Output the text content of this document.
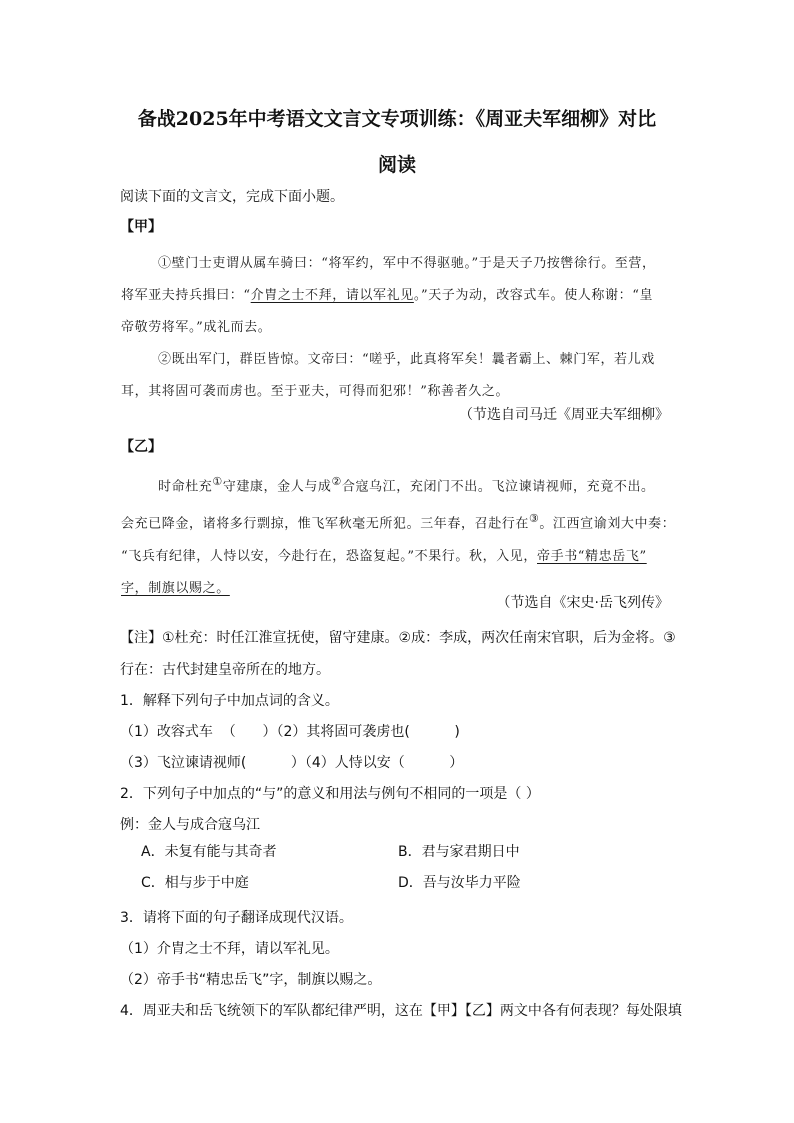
备战2025年中考语文文言文专项训练：《周亚夫军细柳》对比
阅读
阅读下面的文言文，完成下面小题。
【甲】
①壁门士吏谓从属车骑曰：“将军约，军中不得驱驰。”于是天子乃按辔徐行。至营，
将军亚夫持兵揖曰：“介胄之士不拜，请以军礼见。”天子为动，改容式车。使人称谢：“皇
帝敬劳将军。”成礼而去。
②既出军门，群臣皆惊。文帝曰：“嗟乎，此真将军矣！曩者霸上、棘门军，若儿戏
耳，其将固可袭而虏也。至于亚夫，可得而犯邪！”称善者久之。
（节选自司马迁《周亚夫军细柳》
【乙】
时命杜充①守建康，金人与成②合寇乌江，充闭门不出。飞泣谏请视师，充竟不出。
会充已降金，诸将多行剽掠，惟飞军秋毫无所犯。三年春，召赴行在③。江西宣谕刘大中奏：
“飞兵有纪律，人恃以安，今赴行在，恐盗复起。”不果行。秋，入见，帝手书“精忠岳飞”
字，制旗以赐之。
（节选自《宋史·岳飞列传》
【注】①杜充：时任江淮宣抚使，留守建康。②成：李成，两次任南宋官职，后为金将。③
行在：古代封建皇帝所在的地方。
1．解释下列句子中加点词的含义。
（1）改容式车  （      ）（2）其将固可袭虏也(          )
（3）飞泣谏请视师(          ）（4）人恃以安（          ）
2．下列句子中加点的“与”的意义和用法与例句不相同的一项是（ ）
例：金人与成合寇乌江
A．未复有能与其奇者	B．君与家君期日中
C．相与步于中庭	D．吾与汝毕力平险
3．请将下面的句子翻译成现代汉语。
（1）介胄之士不拜，请以军礼见。
（2）帝手书“精忠岳飞”字，制旗以赐之。
4．周亚夫和岳飞统领下的军队都纪律严明，这在【甲】【乙】两文中各有何表现？每处限填
